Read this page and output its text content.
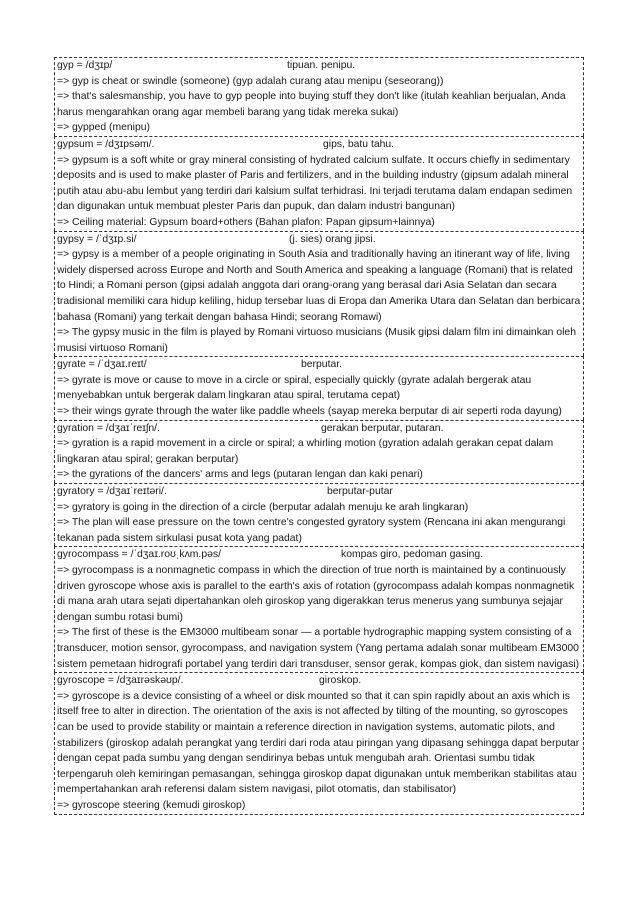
gyp = /dʒɪp/	tipuan. penipu.
=> gyp is cheat or swindle (someone) (gyp adalah curang atau menipu (seseorang))
=> that's salesmanship, you have to gyp people into buying stuff they don't like (itulah keahlian berjualan, Anda harus mengarahkan orang agar membeli barang yang tidak mereka sukai)
=> gypped (menipu)
gypsum = /dʒɪpsəm/.	gips, batu tahu.
=> gypsum is a soft white or gray mineral consisting of hydrated calcium sulfate. It occurs chiefly in sedimentary deposits and is used to make plaster of Paris and fertilizers, and in the building industry (gipsum adalah mineral putih atau abu-abu lembut yang terdiri dari kalsium sulfat terhidrasi. Ini terjadi terutama dalam endapan sedimen dan digunakan untuk membuat plester Paris dan pupuk, dan dalam industri bangunan)
=> Ceiling material: Gypsum board+others (Bahan plafon: Papan gipsum+lainnya)
gypsy = /ˈdʒɪp.si/	(j. sies) orang jipsi.
=> gypsy is a member of a people originating in South Asia and traditionally having an itinerant way of life, living widely dispersed across Europe and North and South America and speaking a language (Romani) that is related to Hindi; a Romani person (gipsi adalah anggota dari orang-orang yang berasal dari Asia Selatan dan secara tradisional memiliki cara hidup keliling, hidup tersebar luas di Eropa dan Amerika Utara dan Selatan dan berbicara bahasa (Romani) yang terkait dengan bahasa Hindi; seorang Romawi)
=> The gypsy music in the film is played by Romani virtuoso musicians (Musik gipsi dalam film ini dimainkan oleh musisi virtuoso Romani)
gyrate = /ˈdʒaɪ.reɪt/	berputar.
=> gyrate is move or cause to move in a circle or spiral, especially quickly (gyrate adalah bergerak atau menyebabkan untuk bergerak dalam lingkaran atau spiral, terutama cepat)
=> their wings gyrate through the water like paddle wheels (sayap mereka berputar di air seperti roda dayung)
gyration = /dʒaɪˈreɪʃn/.	gerakan berputar, putaran.
=> gyration is a rapid movement in a circle or spiral; a whirling motion (gyration adalah gerakan cepat dalam lingkaran atau spiral; gerakan berputar)
=> the gyrations of the dancers' arms and legs (putaran lengan dan kaki penari)
gyratory = /dʒaɪˈreɪtəri/.	berputar-putar
=> gyratory is going in the direction of a circle (berputar adalah menuju ke arah lingkaran)
=> The plan will ease pressure on the town centre's congested gyratory system (Rencana ini akan mengurangi tekanan pada sistem sirkulasi pusat kota yang padat)
gyrocompass = /ˈdʒaɪ.roʊˌkʌm.pəs/	kompas giro, pedoman gasing.
=> gyrocompass is a nonmagnetic compass in which the direction of true north is maintained by a continuously driven gyroscope whose axis is parallel to the earth's axis of rotation (gyrocompass adalah kompas nonmagnetik di mana arah utara sejati dipertahankan oleh giroskop yang digerakkan terus menerus yang sumbunya sejajar dengan sumbu rotasi bumi)
=> The first of these is the EM3000 multibeam sonar — a portable hydrographic mapping system consisting of a transducer, motion sensor, gyrocompass, and navigation system (Yang pertama adalah sonar multibeam EM3000 sistem pemetaan hidrografi portabel yang terdiri dari transduser, sensor gerak, kompas giok, dan sistem navigasi)
gyroscope = /dʒaɪrəskəʊp/.	giroskop.
=> gyroscope is a device consisting of a wheel or disk mounted so that it can spin rapidly about an axis which is itself free to alter in direction. The orientation of the axis is not affected by tilting of the mounting, so gyroscopes can be used to provide stability or maintain a reference direction in navigation systems, automatic pilots, and stabilizers (giroskop adalah perangkat yang terdiri dari roda atau piringan yang dipasang sehingga dapat berputar dengan cepat pada sumbu yang dengan sendirinya bebas untuk mengubah arah. Orientasi sumbu tidak terpengaruh oleh kemiringan pemasangan, sehingga giroskop dapat digunakan untuk memberikan stabilitas atau mempertahankan arah referensi dalam sistem navigasi, pilot otomatis, dan stabilisator)
=> gyroscope steering (kemudi giroskop)
